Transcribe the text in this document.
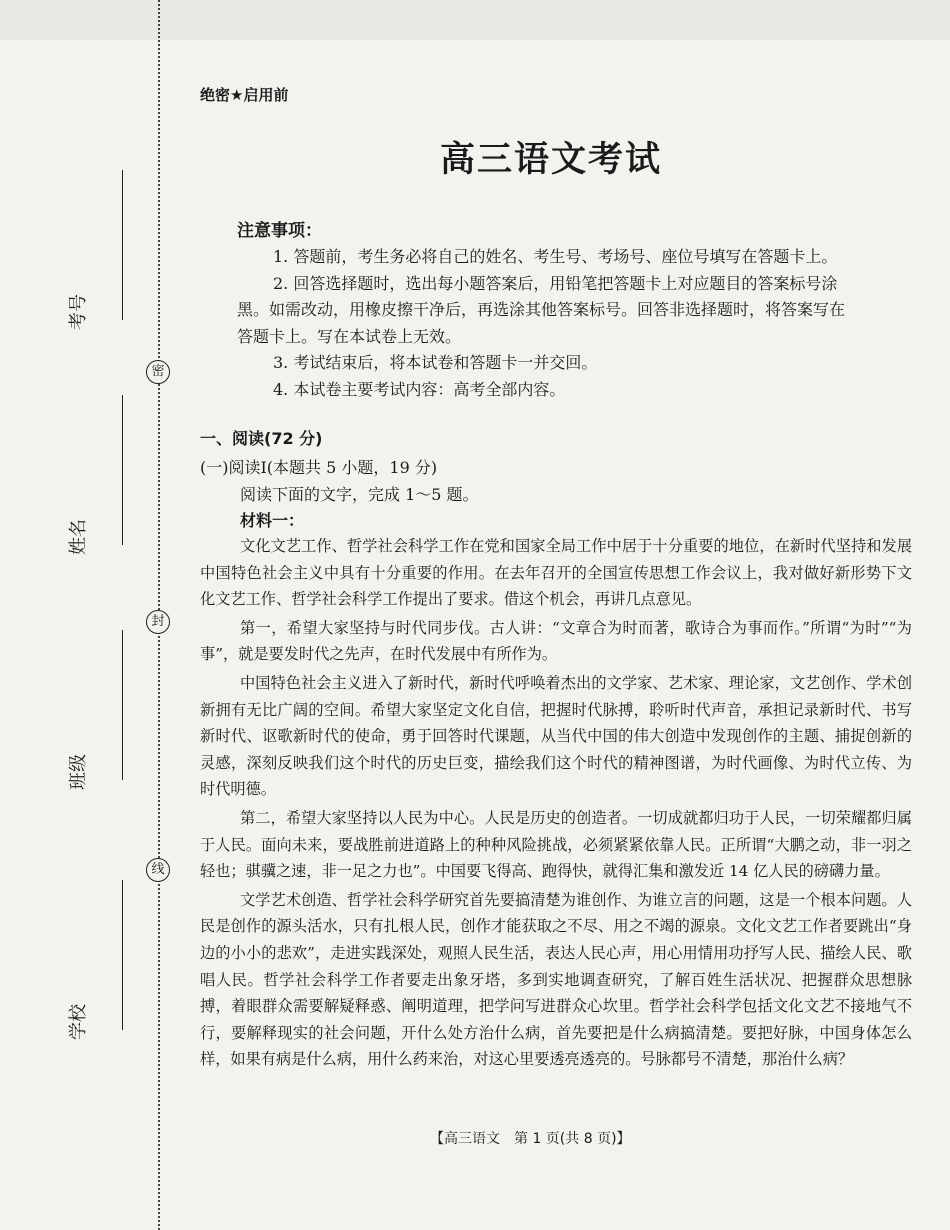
密
封
线
考号
姓名
班级
学校
绝密★启用前
高三语文考试
注意事项：

1. 答题前，考生务必将自己的姓名、考生号、考场号、座位号填写在答题卡上。

2. 回答选择题时，选出每小题答案后，用铅笔把答题卡上对应题目的答案标号涂

黑。如需改动，用橡皮擦干净后，再选涂其他答案标号。回答非选择题时，将答案写在

答题卡上。写在本试卷上无效。

3. 考试结束后，将本试卷和答题卡一并交回。

4. 本试卷主要考试内容：高考全部内容。

一、阅读(72 分)
(一)阅读Ⅰ(本题共 5 小题，19 分)
阅读下面的文字，完成 1～5 题。
材料一：

文化文艺工作、哲学社会科学工作在党和国家全局工作中居于十分重要的地位，在新时代坚持和发展中国特色社会主义中具有十分重要的作用。在去年召开的全国宣传思想工作会议上，我对做好新形势下文化文艺工作、哲学社会科学工作提出了要求。借这个机会，再讲几点意见。

第一，希望大家坚持与时代同步伐。古人讲：“文章合为时而著，歌诗合为事而作。”所谓“为时”“为事”，就是要发时代之先声，在时代发展中有所作为。

中国特色社会主义进入了新时代，新时代呼唤着杰出的文学家、艺术家、理论家，文艺创作、学术创新拥有无比广阔的空间。希望大家坚定文化自信，把握时代脉搏，聆听时代声音，承担记录新时代、书写新时代、讴歌新时代的使命，勇于回答时代课题，从当代中国的伟大创造中发现创作的主题、捕捉创新的灵感，深刻反映我们这个时代的历史巨变，描绘我们这个时代的精神图谱，为时代画像、为时代立传、为时代明德。

第二，希望大家坚持以人民为中心。人民是历史的创造者。一切成就都归功于人民，一切荣耀都归属于人民。面向未来，要战胜前进道路上的种种风险挑战，必须紧紧依靠人民。正所谓“大鹏之动，非一羽之轻也；骐骥之速，非一足之力也”。中国要飞得高、跑得快，就得汇集和激发近 14 亿人民的磅礴力量。

文学艺术创造、哲学社会科学研究首先要搞清楚为谁创作、为谁立言的问题，这是一个根本问题。人民是创作的源头活水，只有扎根人民，创作才能获取之不尽、用之不竭的源泉。文化文艺工作者要跳出“身边的小小的悲欢”，走进实践深处，观照人民生活，表达人民心声，用心用情用功抒写人民、描绘人民、歌唱人民。哲学社会科学工作者要走出象牙塔，多到实地调查研究，了解百姓生活状况、把握群众思想脉搏，着眼群众需要解疑释惑、阐明道理，把学问写进群众心坎里。哲学社会科学包括文化文艺不接地气不行，要解释现实的社会问题，开什么处方治什么病，首先要把是什么病搞清楚。要把好脉，中国身体怎么样，如果有病是什么病，用什么药来治，对这心里要透亮透亮的。号脉都号不清楚，那治什么病？

【高三语文　第 1 页(共 8 页)】
